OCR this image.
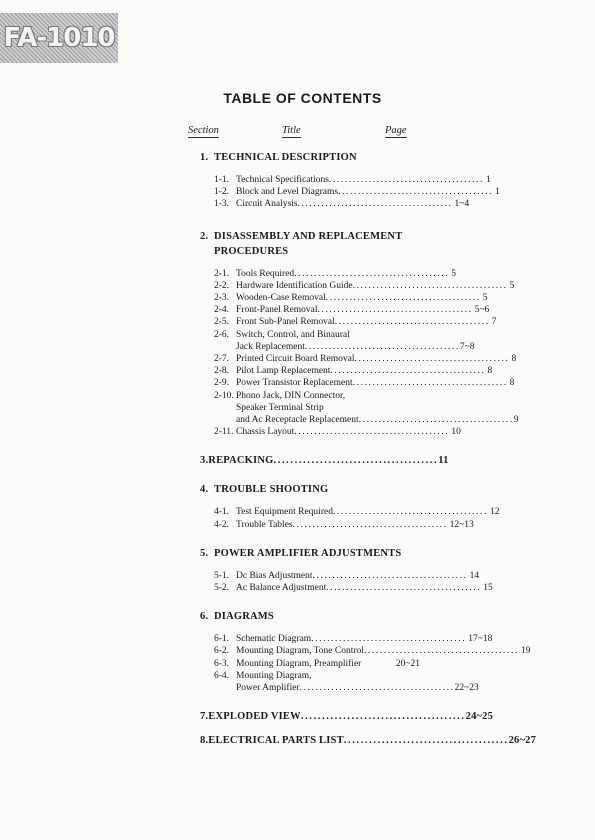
FA-1010
TABLE OF CONTENTS
Section	Title	Page
1. TECHNICAL DESCRIPTION
1-1. Technical Specifications ....................................... 1
1-2. Block and Level Diagrams ....................................... 1
1-3. Circuit Analysis ....................................... 1~4
2. DISASSEMBLY AND REPLACEMENT
PROCEDURES
2-1. Tools Required ....................................... 5
2-2. Hardware Identification Guide ....................................... 5
2-3. Wooden-Case Removal ....................................... 5
2-4. Front-Panel Removal ....................................... 5~6
2-5. Front Sub-Panel Removal ....................................... 7
2-6. Switch, Control, and Binaural
Jack Replacement ....................................... 7~8
2-7. Printed Circuit Board Removal ....................................... 8
2-8. Pilot Lamp Replacement ....................................... 8
2-9. Power Transistor Replacement ....................................... 8
2-10. Phono Jack, DIN Connector,
Speaker Terminal Strip
and Ac Receptacle Replacement ....................................... 9
2-11. Chassis Layout ....................................... 10
3. REPACKING ....................................... 11
4. TROUBLE SHOOTING
4-1. Test Equipment Required ....................................... 12
4-2. Trouble Tables ....................................... 12~13
5. POWER AMPLIFIER ADJUSTMENTS
5-1. Dc Bias Adjustment ....................................... 14
5-2. Ac Balance Adjustment ....................................... 15
6. DIAGRAMS
6-1. Schematic Diagram ....................................... 17~18
6-2. Mounting Diagram, Tone Control ....................................... 19
6-3. Mounting Diagram, Preamplifier	20~21
6-4. Mounting Diagram,
Power Amplifier ....................................... 22~23
7. EXPLODED VIEW ....................................... 24~25
8. ELECTRICAL PARTS LIST ....................................... 26~27
